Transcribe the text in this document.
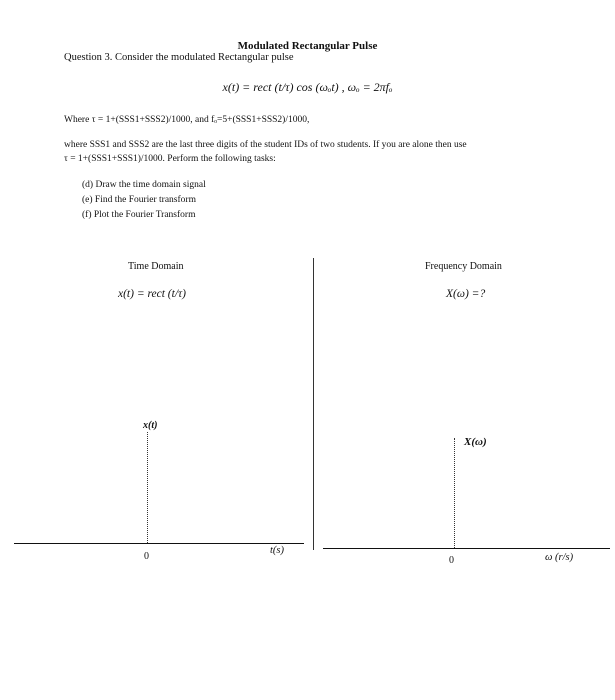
Modulated Rectangular Pulse
Question 3. Consider the modulated Rectangular pulse
x(t) = rect (t/τ) cos (ωₒt) , ωₒ = 2πfₒ
Where τ = 1+(SSS1+SSS2)/1000, and fₒ=5+(SSS1+SSS2)/1000,
where SSS1 and SSS2 are the last three digits of the student IDs of two students. If you are alone then use
τ = 1+(SSS1+SSS1)/1000. Perform the following tasks:
(d) Draw the time domain signal
(e) Find the Fourier transform
(f) Plot the Fourier Transform
Time Domain
x(t) = rect (t/τ)
Frequency Domain
X(ω) =?
x(t)
0
t(s)
X(ω)
0	ω (r/s)
